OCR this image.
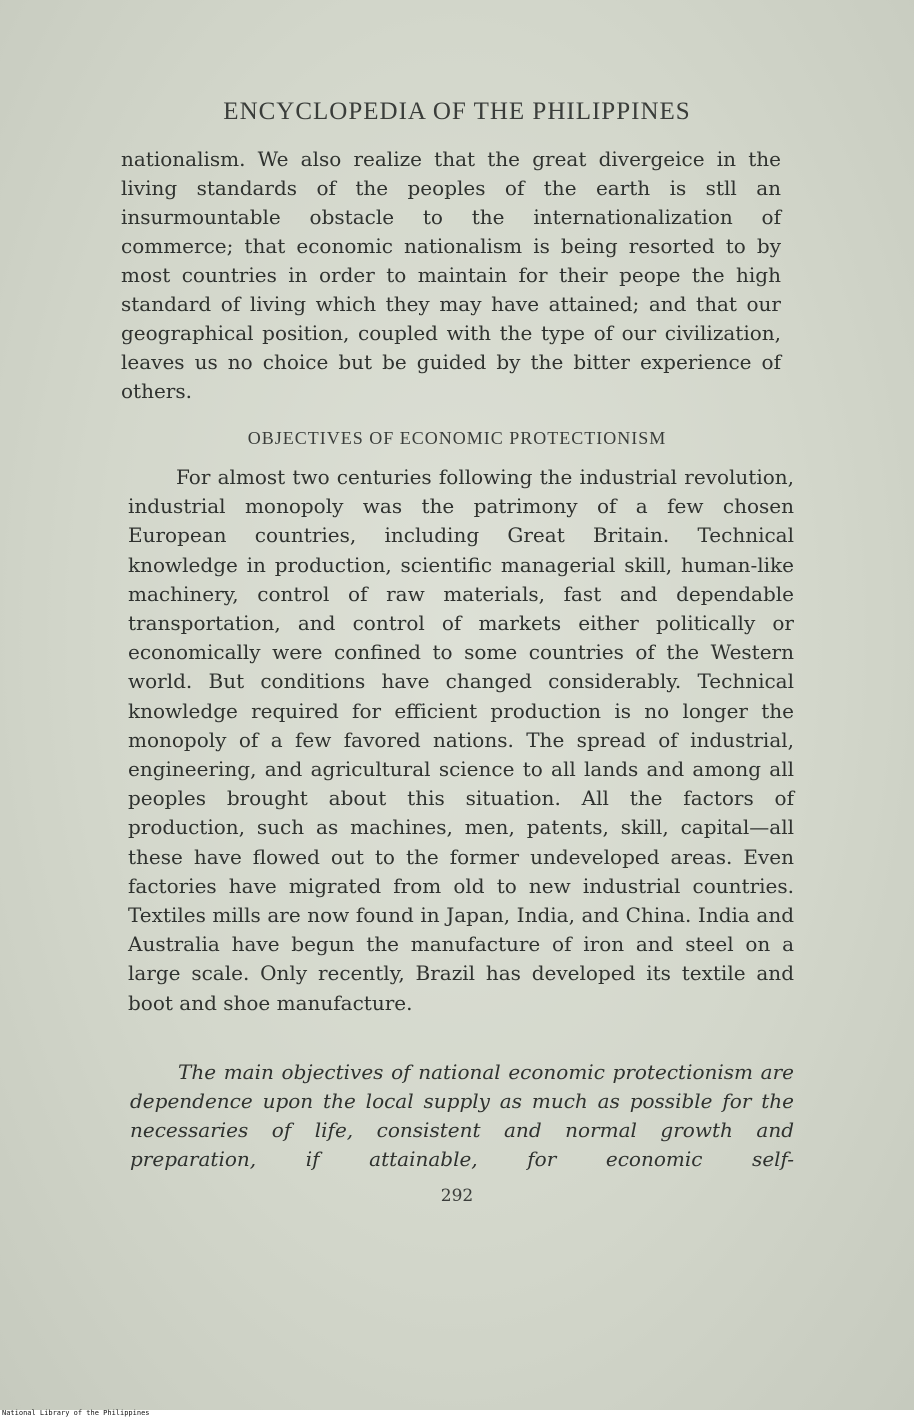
ENCYCLOPEDIA OF THE PHILIPPINES
nationalism. We also realize that the great divergeice in the living standards of the peoples of the earth is stll an insurmountable obstacle to the internationalization of commerce; that economic nationalism is being resorted to by most countries in order to maintain for their peope the high standard of living which they may have attained; and that our geographical position, coupled with the type of our civilization, leaves us no choice but be guided by the bitter experience of others.
OBJECTIVES OF ECONOMIC PROTECTIONISM
For almost two centuries following the industrial revolution, industrial monopoly was the patrimony of a few chosen European countries, including Great Britain. Technical knowledge in production, scientific managerial skill, human-like machinery, control of raw materials, fast and dependable transportation, and control of markets either politically or economically were confined to some countries of the Western world. But conditions have changed considerably. Technical knowledge required for efficient production is no longer the monopoly of a few favored nations. The spread of industrial, engineering, and agricultural science to all lands and among all peoples brought about this situation. All the factors of production, such as machines, men, patents, skill, capital—all these have flowed out to the former undeveloped areas. Even factories have migrated from old to new industrial countries. Textiles mills are now found in Japan, India, and China. India and Australia have begun the manufacture of iron and steel on a large scale. Only recently, Brazil has developed its textile and boot and shoe manufacture.
The main objectives of national economic protectionism are dependence upon the local supply as much as possible for the necessaries of life, consistent and normal growth and preparation, if attainable, for economic self-
292
National Library of the Philippines
